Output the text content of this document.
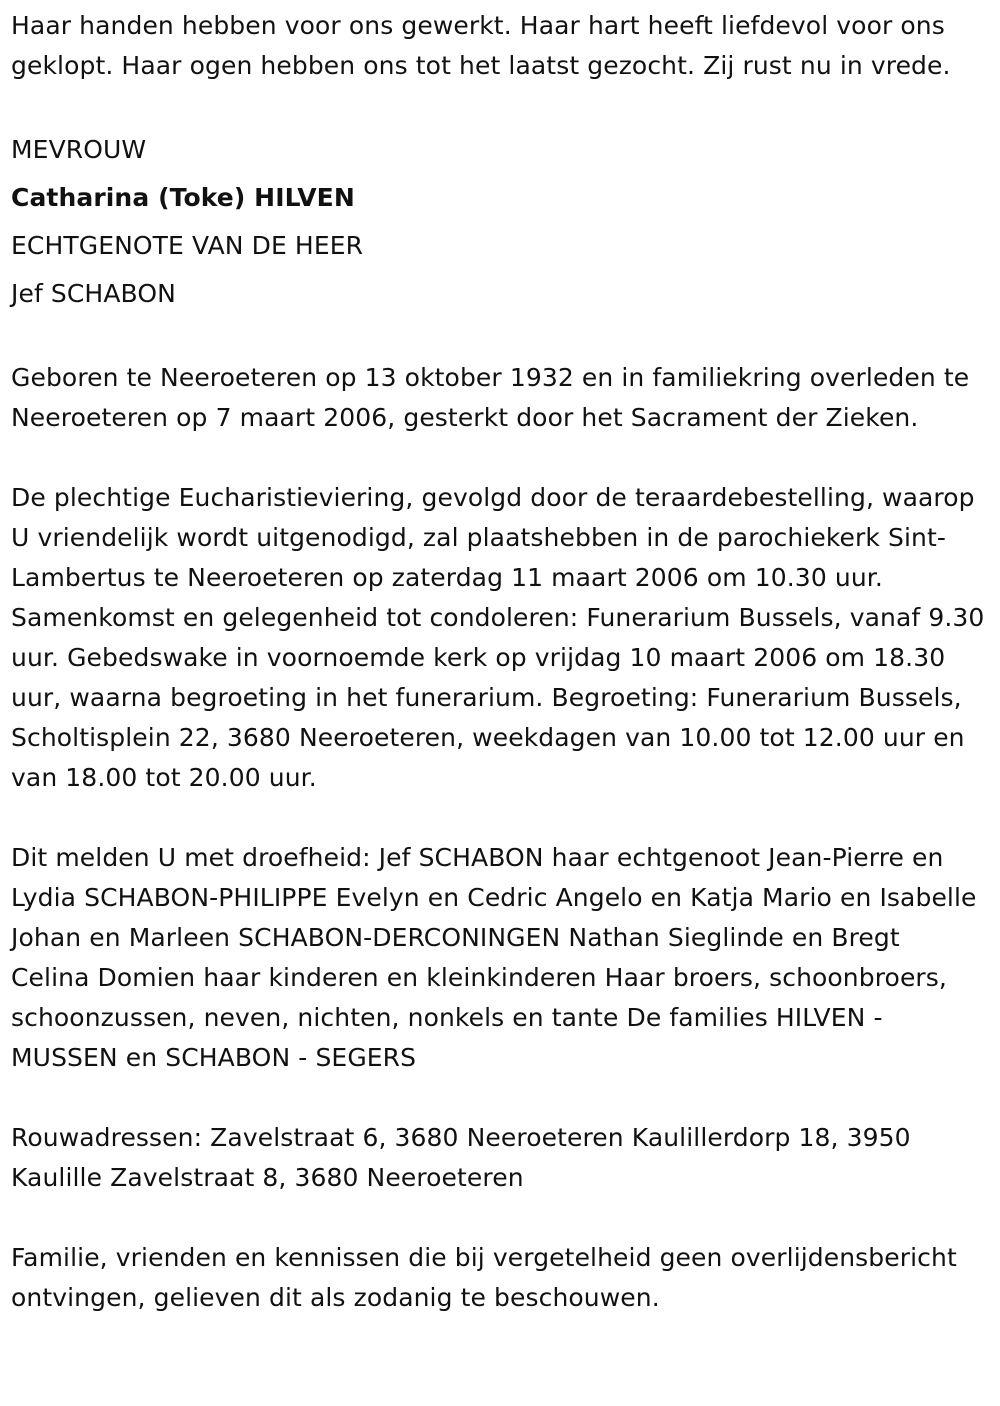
Haar handen hebben voor ons gewerkt. Haar hart heeft liefdevol voor ons geklopt. Haar ogen hebben ons tot het laatst gezocht. Zij rust nu in vrede.

MEVROUW
Catharina (Toke) HILVEN
ECHTGENOTE VAN DE HEER
Jef SCHABON

Geboren te Neeroeteren op 13 oktober 1932 en in familiekring overleden te Neeroeteren op 7 maart 2006, gesterkt door het Sacrament der Zieken.

De plechtige Eucharistieviering, gevolgd door de teraardebestelling, waarop U vriendelijk wordt uitgenodigd, zal plaatshebben in de parochiekerk Sint-Lambertus te Neeroeteren op zaterdag 11 maart 2006 om 10.30 uur. Samenkomst en gelegenheid tot condoleren: Funerarium Bussels, vanaf 9.30 uur. Gebedswake in voornoemde kerk op vrijdag 10 maart 2006 om 18.30 uur, waarna begroeting in het funerarium. Begroeting: Funerarium Bussels, Scholtisplein 22, 3680 Neeroeteren, weekdagen van 10.00 tot 12.00 uur en van 18.00 tot 20.00 uur.

Dit melden U met droefheid: Jef SCHABON haar echtgenoot Jean-Pierre en Lydia SCHABON-PHILIPPE Evelyn en Cedric Angelo en Katja Mario en Isabelle Johan en Marleen SCHABON-DERCONINGEN Nathan Sieglinde en Bregt Celina Domien haar kinderen en kleinkinderen Haar broers, schoonbroers, schoonzussen, neven, nichten, nonkels en tante De families HILVEN - MUSSEN en SCHABON - SEGERS

Rouwadressen: Zavelstraat 6, 3680 Neeroeteren Kaulillerdorp 18, 3950 Kaulille Zavelstraat 8, 3680 Neeroeteren

Familie, vrienden en kennissen die bij vergetelheid geen overlijdensbericht ontvingen, gelieven dit als zodanig te beschouwen.
